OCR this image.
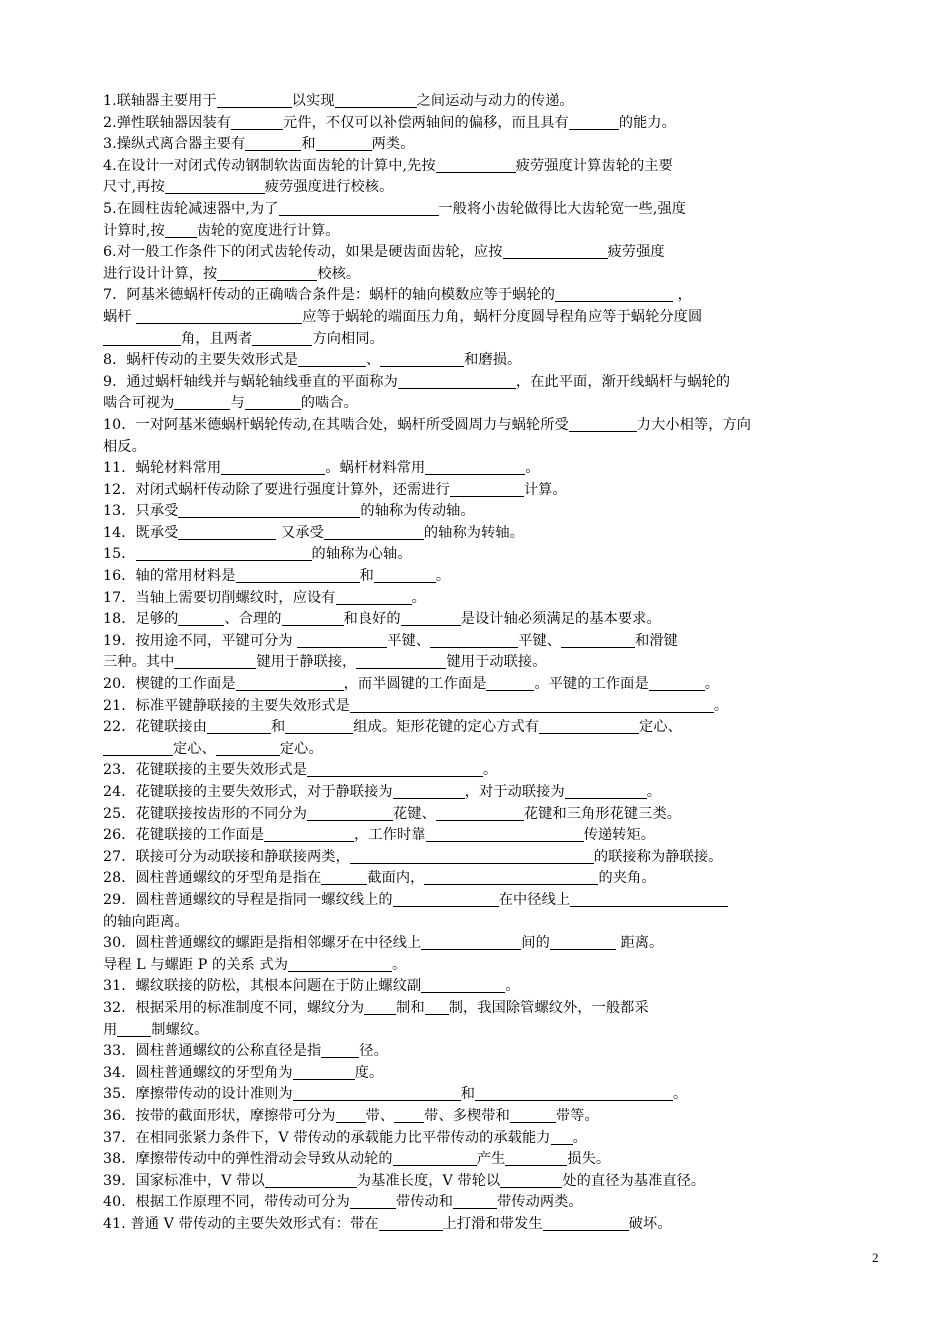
1.联轴器主要用于	以实现	之间运动与动力的传递。
2.弹性联轴器因装有	元件，不仅可以补偿两轴间的偏移，而且具有	的能力。
3.操纵式离合器主要有	和	两类。
4.在设计一对闭式传动钢制软齿面齿轮的计算中,先按	疲劳强度计算齿轮的主要
尺寸,再按	疲劳强度进行校核。
5.在圆柱齿轮减速器中,为了	一般将小齿轮做得比大齿轮宽一些,强度
计算时,按 齿轮的宽度进行计算。
6.对一般工作条件下的闭式齿轮传动，如果是硬齿面齿轮，应按	疲劳强度
进行设计计算，按	校核。
7．阿基米德蜗杆传动的正确啮合条件是：蜗杆的轴向模数应等于蜗轮的	，
蜗杆	应等于蜗轮的端面压力角，蜗杆分度圆导程角应等于蜗轮分度圆
角，且两者	方向相同。
8．蜗杆传动的主要失效形式是	、	和磨损。
9．通过蜗杆轴线并与蜗轮轴线垂直的平面称为	，在此平面，渐开线蜗杆与蜗轮的
啮合可视为	与	的啮合。
10．一对阿基米德蜗杆蜗轮传动,在其啮合处，蜗杆所受圆周力与蜗轮所受	力大小相等，方向
相反。
11．蜗轮材料常用	。蜗杆材料常用	。
12．对闭式蜗杆传动除了要进行强度计算外，还需进行	计算。
13．只承受	的轴称为传动轴。
14．既承受	又承受	的轴称为转轴。
15．	的轴称为心轴。
16．轴的常用材料是	和	。
17．当轴上需要切削螺纹时，应设有	。
18．足够的	、合理的	和良好的	是设计轴必须满足的基本要求。
19．按用途不同，平键可分为	平键、	平键、	和滑键
三种。其中	键用于静联接，	键用于动联接。
20．楔键的工作面是	，而半圆键的工作面是	。平键的工作面是	。
21．标准平键静联接的主要失效形式是	。
22．花键联接由	和	组成。矩形花键的定心方式有	定心、
定心、	定心。
23．花键联接的主要失效形式是	。
24．花键联接的主要失效形式，对于静联接为	，对于动联接为	。
25．花键联接按齿形的不同分为	花键、	花键和三角形花键三类。
26．花键联接的工作面是	，工作时靠	传递转矩。
27．联接可分为动联接和静联接两类，	的联接称为静联接。
28．圆柱普通螺纹的牙型角是指在	截面内，	的夹角。
29．圆柱普通螺纹的导程是指同一螺纹线上的	在中径线上
的轴向距离。
30．圆柱普通螺纹的螺距是指相邻螺牙在中径线上	间的	距离。
导程 L 与螺距 P 的关系 式为	。
31．螺纹联接的防松，其根本问题在于防止螺纹副	。
32．根据采用的标准制度不同，螺纹分为 制和 制，我国除管螺纹外，一般都采
用 制螺纹。
33．圆柱普通螺纹的公称直径是指	径。
34．圆柱普通螺纹的牙型角为	度。
35．摩擦带传动的设计准则为	和	。
36．按带的截面形状，摩擦带可分为 带、 带、多楔带和	带等。
37．在相同张紧力条件下，V 带传动的承载能力比平带传动的承载能力 。
38．摩擦带传动中的弹性滑动会导致从动轮的	产生	损失。
39．国家标准中，V 带以	为基准长度，V 带轮以	处的直径为基准直径。
40．根据工作原理不同，带传动可分为	带传动和	带传动两类。
41. 普通 V 带传动的主要失效形式有：带在	上打滑和带发生	破坏。
2
